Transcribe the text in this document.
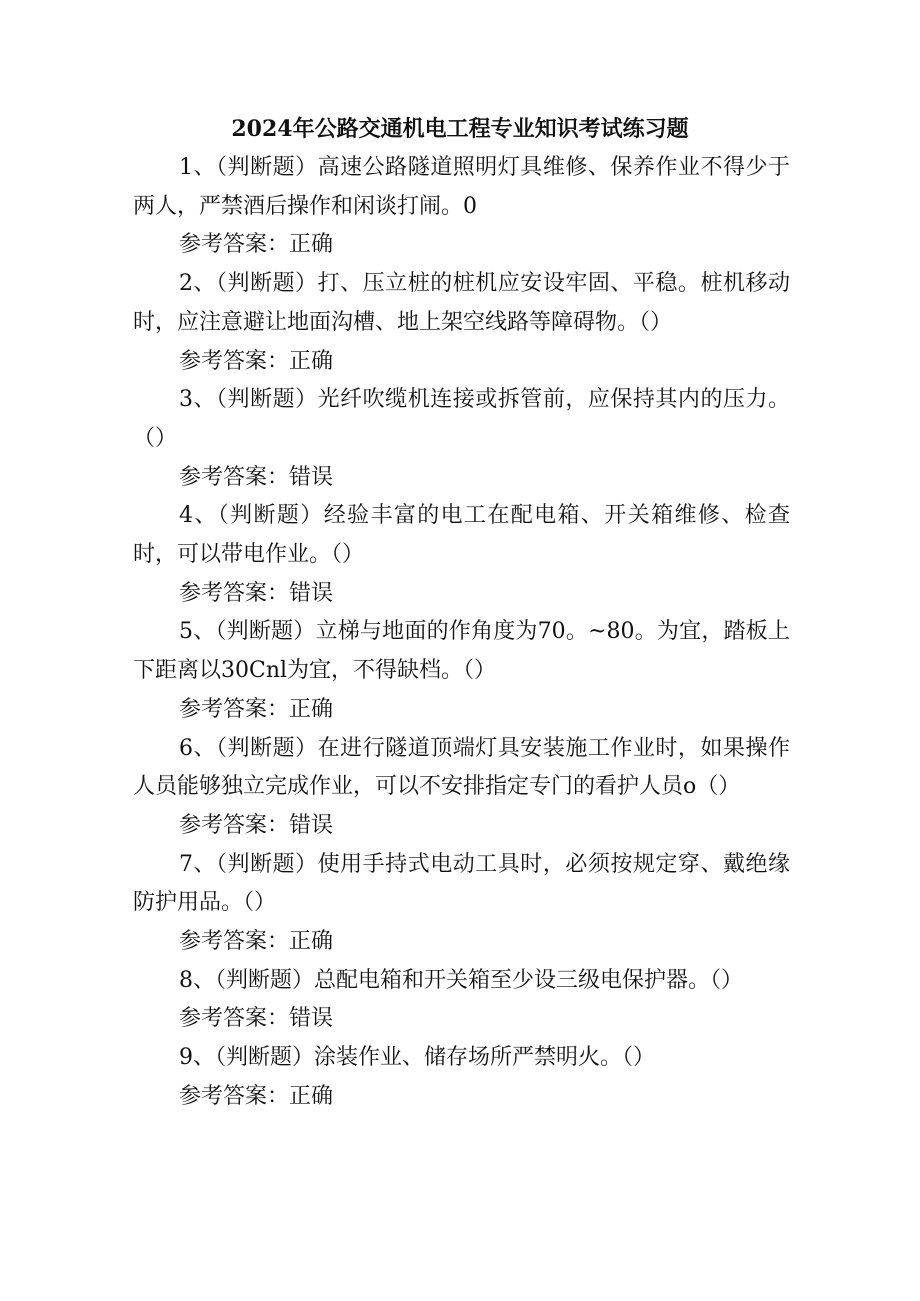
2024年公路交通机电工程专业知识考试练习题

1、（判断题）高速公路隧道照明灯具维修、保养作业不得少于两人，严禁酒后操作和闲谈打闹。0

参考答案：正确

2、（判断题）打、压立桩的桩机应安设牢固、平稳。桩机移动时，应注意避让地面沟槽、地上架空线路等障碍物。（）

参考答案：正确

3、（判断题）光纤吹缆机连接或拆管前，应保持其内的压力。（）

参考答案：错误

4、（判断题）经验丰富的电工在配电箱、开关箱维修、检查时，可以带电作业。（）

参考答案：错误

5、（判断题）立梯与地面的作角度为70。~80。为宜，踏板上下距离以30Cnl为宜，不得缺档。（）

参考答案：正确

6、（判断题）在进行隧道顶端灯具安装施工作业时，如果操作人员能够独立完成作业，可以不安排指定专门的看护人员o（）

参考答案：错误

7、（判断题）使用手持式电动工具时，必须按规定穿、戴绝缘防护用品。（）

参考答案：正确

8、（判断题）总配电箱和开关箱至少设三级电保护器。（）

参考答案：错误

9、（判断题）涂装作业、储存场所严禁明火。（）

参考答案：正确
